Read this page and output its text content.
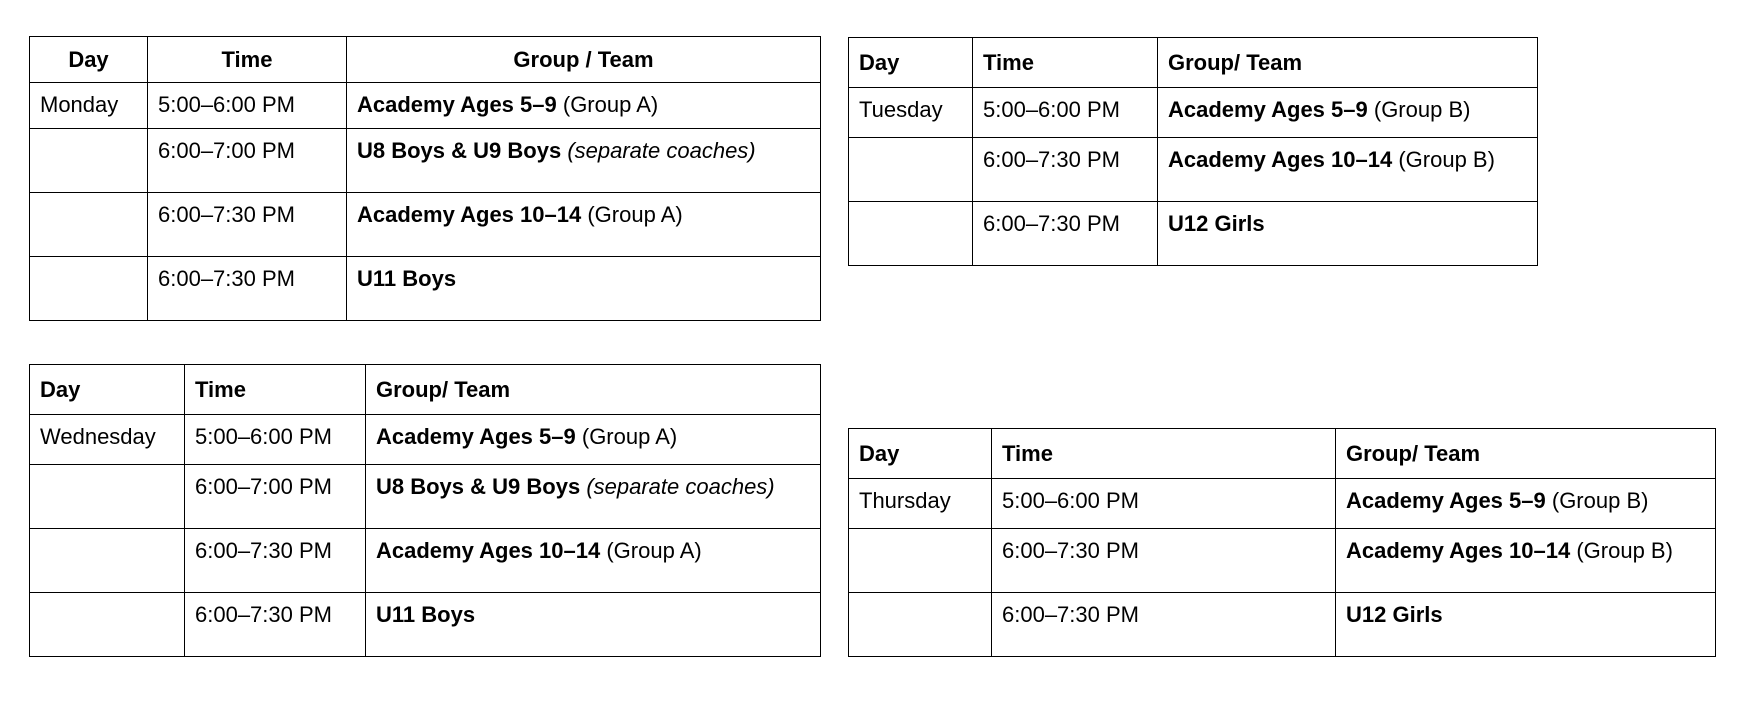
Day	Time	Group / Team
Monday	5:00–6:00 PM	Academy Ages 5–9 (Group A)
	6:00–7:00 PM	U8 Boys & U9 Boys (separate coaches)
	6:00–7:30 PM	Academy Ages 10–14 (Group A)
	6:00–7:30 PM	U11 Boys
Day	Time	Group/ Team
Tuesday	5:00–6:00 PM	Academy Ages 5–9 (Group B)
	6:00–7:30 PM	Academy Ages 10–14 (Group B)
	6:00–7:30 PM	U12 Girls
Day	Time	Group/ Team
Wednesday	5:00–6:00 PM	Academy Ages 5–9 (Group A)
	6:00–7:00 PM	U8 Boys & U9 Boys (separate coaches)
	6:00–7:30 PM	Academy Ages 10–14 (Group A)
	6:00–7:30 PM	U11 Boys
Day	Time	Group/ Team
Thursday	5:00–6:00 PM	Academy Ages 5–9 (Group B)
	6:00–7:30 PM	Academy Ages 10–14 (Group B)
	6:00–7:30 PM	U12 Girls
